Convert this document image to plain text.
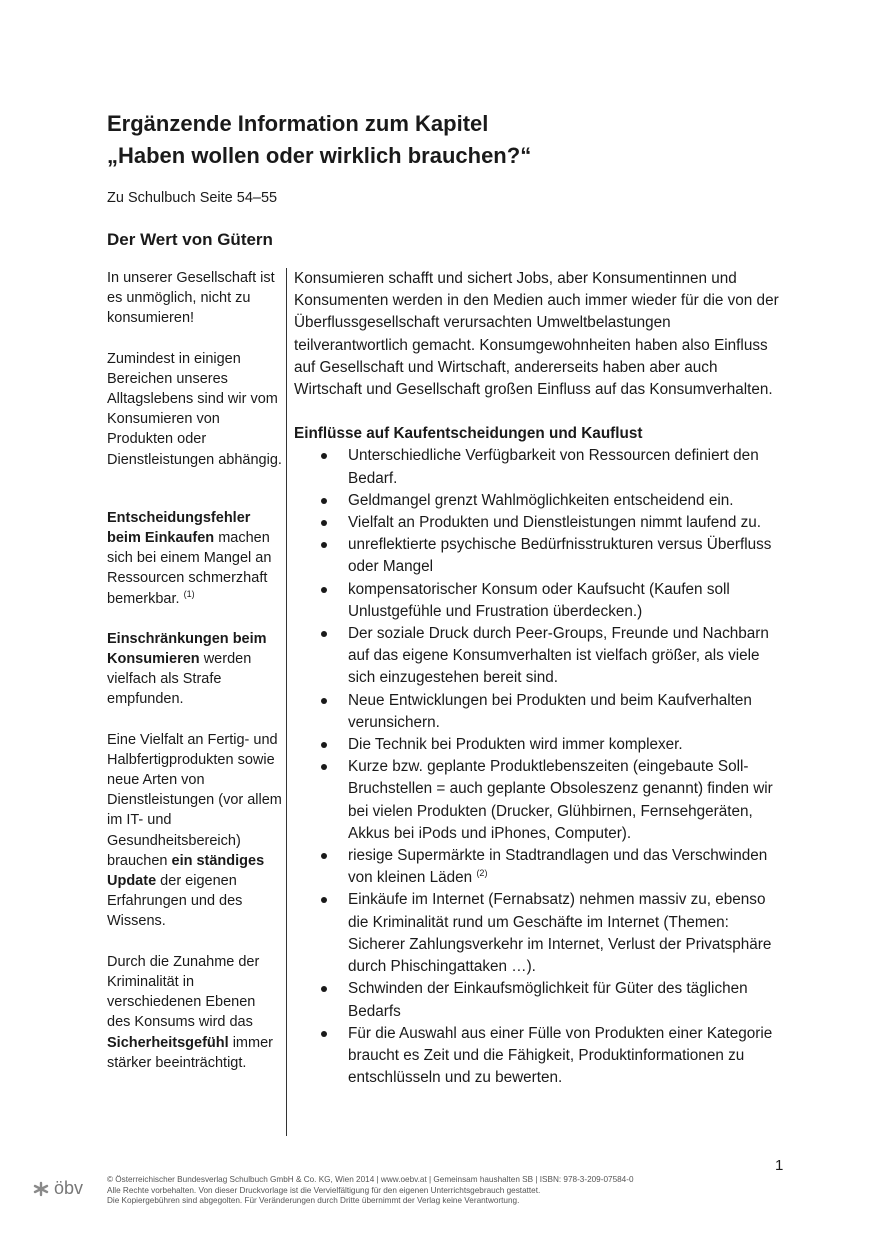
Ergänzende Information zum Kapitel
„Haben wollen oder wirklich brauchen?“
Zu Schulbuch Seite 54–55
Der Wert von Gütern

In unserer Gesellschaft ist es unmöglich, nicht zu konsumieren!

Zumindest in einigen Bereichen unseres Alltagslebens sind wir vom Konsumieren von Produkten oder Dienstleistungen abhängig.

Entscheidungsfehler beim Einkaufen machen sich bei einem Mangel an Ressourcen schmerzhaft bemerkbar. $^{(1)}$

Einschränkungen beim Konsumieren werden vielfach als Strafe empfunden.

Eine Vielfalt an Fertig- und Halbfertigprodukten sowie neue Arten von Dienstleistungen (vor allem im IT- und Gesundheitsbereich) brauchen ein ständiges Update der eigenen Erfahrungen und des Wissens.

Durch die Zunahme der Kriminalität in verschiedenen Ebenen des Konsums wird das Sicherheitsgefühl immer stärker beeinträchtigt.

Konsumieren schafft und sichert Jobs, aber Konsumentinnen und Konsumenten werden in den Medien auch immer wieder für die von der Überflussgesellschaft verursachten Umweltbelastungen teilverantwortlich gemacht. Konsumgewohnheiten haben also Einfluss auf Gesellschaft und Wirtschaft, andererseits haben aber auch Wirtschaft und Gesellschaft großen Einfluss auf das Konsumverhalten.

Einflüsse auf Kaufentscheidungen und Kauflust
Unterschiedliche Verfügbarkeit von Ressourcen definiert den Bedarf.
Geldmangel grenzt Wahlmöglichkeiten entscheidend ein.
Vielfalt an Produkten und Dienstleistungen nimmt laufend zu.
unreflektierte psychische Bedürfnisstrukturen versus Überfluss oder Mangel
kompensatorischer Konsum oder Kaufsucht (Kaufen soll Unlustgefühle und Frustration überdecken.)
Der soziale Druck durch Peer-Groups, Freunde und Nachbarn auf das eigene Konsumverhalten ist vielfach größer, als viele sich einzugestehen bereit sind.
Neue Entwicklungen bei Produkten und beim Kaufverhalten verunsichern.
Die Technik bei Produkten wird immer komplexer.
Kurze bzw. geplante Produktlebenszeiten (eingebaute Soll-Bruchstellen = auch geplante Obsoleszenz genannt) finden wir bei vielen Produkten (Drucker, Glühbirnen, Fernsehgeräten, Akkus bei iPods und iPhones, Computer).
riesige Supermärkte in Stadtrandlagen und das Verschwinden von kleinen Läden $^{(2)}$
Einkäufe im Internet (Fernabsatz) nehmen massiv zu, ebenso die Kriminalität rund um Geschäfte im Internet (Themen: Sicherer Zahlungsverkehr im Internet, Verlust der Privatsphäre durch Phischingattaken …).
Schwinden der Einkaufsmöglichkeit für Güter des täglichen Bedarfs
Für die Auswahl aus einer Fülle von Produkten einer Kategorie braucht es Zeit und die Fähigkeit, Produktinformationen zu entschlüsseln und zu bewerten.
1
öbv	© Österreichischer Bundesverlag Schulbuch GmbH & Co. KG, Wien 2014 | www.oebv.at | Gemeinsam haushalten SB | ISBN: 978-3-209-07584-0
Alle Rechte vorbehalten. Von dieser Druckvorlage ist die Vervielfältigung für den eigenen Unterrichtsgebrauch gestattet.
Die Kopiergebühren sind abgegolten. Für Veränderungen durch Dritte übernimmt der Verlag keine Verantwortung.
